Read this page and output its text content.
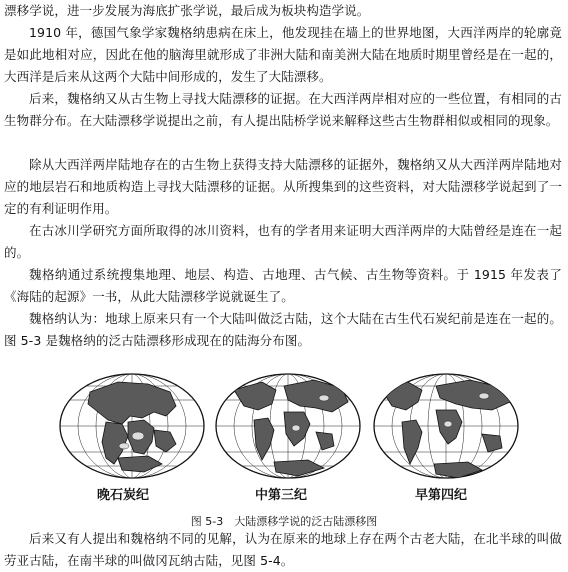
漂移学说，进一步发展为海底扩张学说，最后成为板块构造学说。

1910 年，德国气象学家魏格纳患病在床上，他发现挂在墙上的世界地图，大西洋两岸的轮廓竟是如此地相对应，因此在他的脑海里就形成了非洲大陆和南美洲大陆在地质时期里曾经是在一起的，大西洋是后来从这两个大陆中间形成的，发生了大陆漂移。

后来，魏格纳又从古生物上寻找大陆漂移的证据。在大西洋两岸相对应的一些位置，有相同的古生物群分布。在大陆漂移学说提出之前，有人提出陆桥学说来解释这些古生物群相似或相同的现象。

除从大西洋两岸陆地存在的古生物上获得支持大陆漂移的证据外，魏格纳又从大西洋两岸陆地对应的地层岩石和地质构造上寻找大陆漂移的证据。从所搜集到的这些资料，对大陆漂移学说起到了一定的有利证明作用。

在古冰川学研究方面所取得的冰川资料，也有的学者用来证明大西洋两岸的大陆曾经是连在一起的。

魏格纳通过系统搜集地理、地层、构造、古地理、古气候、古生物等资料。于 1915 年发表了《海陆的起源》一书，从此大陆漂移学说就诞生了。

魏格纳认为：地球上原来只有一个大陆叫做泛古陆，这个大陆在古生代石炭纪前是连在一起的。图 5-3 是魏格纳的泛古陆漂移形成现在的陆海分布图。

晚石炭纪	中第三纪	早第四纪
图 5-3　大陆漂移学说的泛古陆漂移图

后来又有人提出和魏格纳不同的见解，认为在原来的地球上存在两个古老大陆，在北半球的叫做劳亚古陆，在南半球的叫做冈瓦纳古陆，见图 5-4。
